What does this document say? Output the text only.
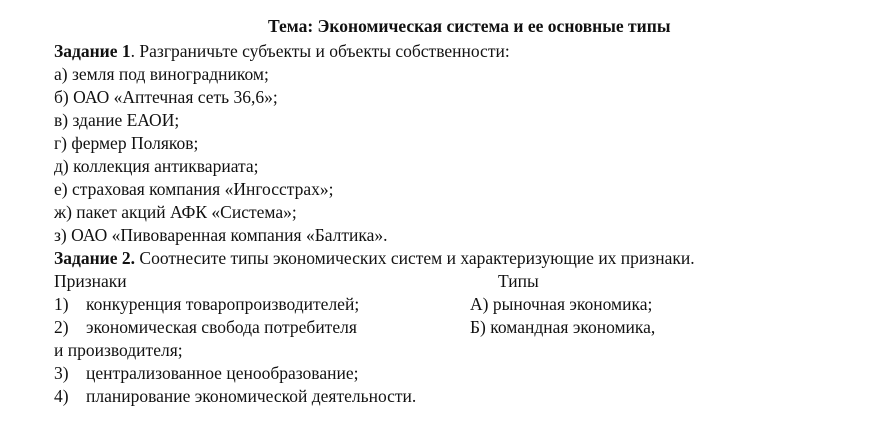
Тема: Экономическая система и ее основные типы
Задание 1. Разграничьте субъекты и объекты собственности:
а) земля под виноградником;
б) ОАО «Аптечная сеть 36,6»;
в) здание ЕАОИ;
г) фермер Поляков;
д) коллекция антиквариата;
е) страховая компания «Ингосстрах»;
ж) пакет акций АФК «Система»;
з) ОАО «Пивоваренная компания «Балтика».
Задание 2. Соотнесите типы экономических систем и характеризующие их признаки.
Признаки	Типы
1) конкуренция товаропроизводителей;	А) рыночная экономика;
2) экономическая свобода потребителя	Б) командная экономика,
и производителя;
3) централизованное ценообразование;
4) планирование экономической деятельности.
